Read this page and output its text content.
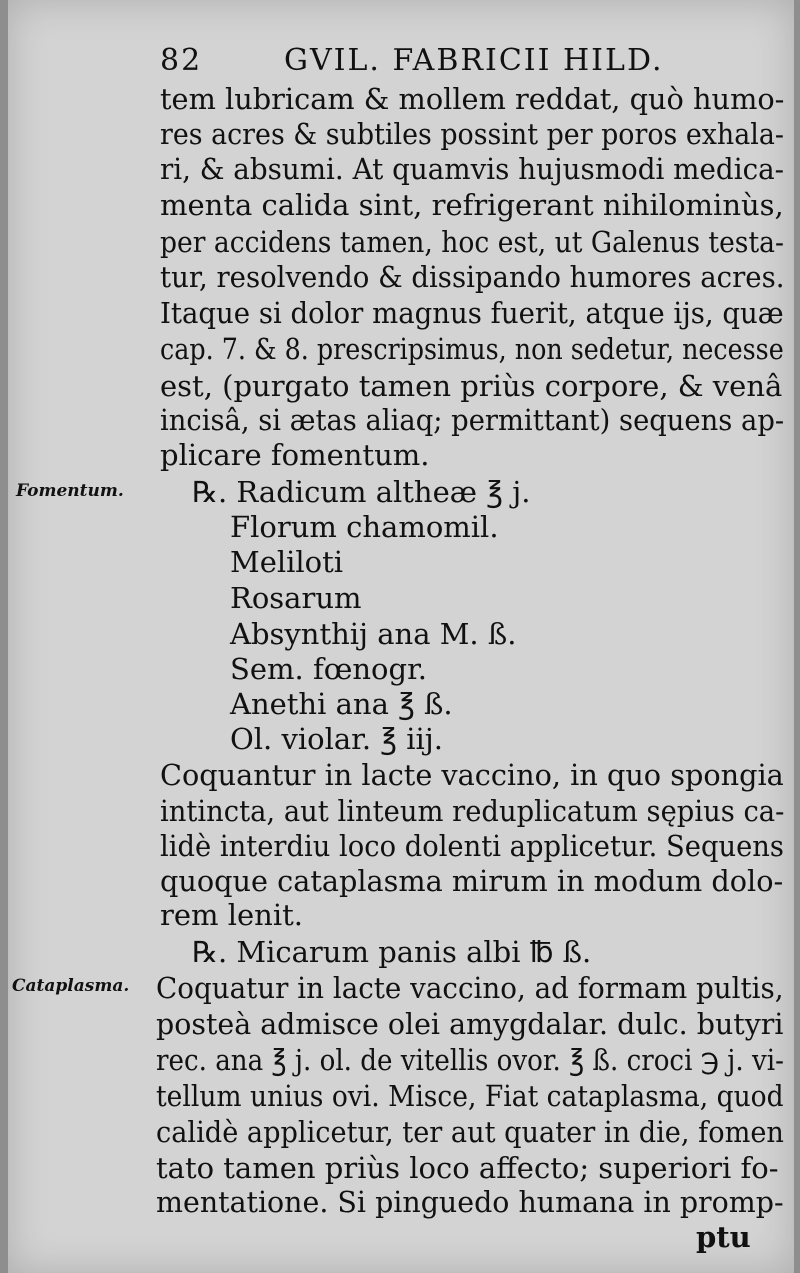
82	GVIL. FABRICII HILD.
Fomentum.
Cataplasma.
tem lubricam & mollem reddat, quò humo-
res acres & subtiles possint per poros exhala-
ri, & absumi. At quamvis hujusmodi medica-
menta calida sint, refrigerant nihilominùs,
per accidens tamen, hoc est, ut Galenus testa-
tur, resolvendo & dissipando humores acres.
Itaque si dolor magnus fuerit, atque ijs, quæ
cap. 7. & 8. prescripsimus, non sedetur, necesse
est, (purgato tamen priùs corpore, & venâ
incisâ, si ætas aliaq; permittant) sequens ap-
plicare fomentum.
℞. Radicum altheæ ℥ j.
Florum chamomil.
Meliloti
Rosarum
Absynthij ana M. ß.
Sem. fœnogr.
Anethi ana ℥ ß.
Ol. violar. ℥ iij.
Coquantur in lacte vaccino, in quo spongia
intincta, aut linteum reduplicatum sępius ca-
lidè interdiu loco dolenti applicetur. Sequens
quoque cataplasma mirum in modum dolo-
rem lenit.
℞. Micarum panis albi ℔ ß.
Coquatur in lacte vaccino, ad formam pultis,
posteà admisce olei amygdalar. dulc. butyri
rec. ana ℥ j. ol. de vitellis ovor. ℥ ß. croci ℈ j. vi-
tellum unius ovi. Misce, Fiat cataplasma, quod
calidè applicetur, ter aut quater in die, fomen
tato tamen priùs loco affecto; superiori fo-
mentatione. Si pinguedo humana in promp-
ptu
